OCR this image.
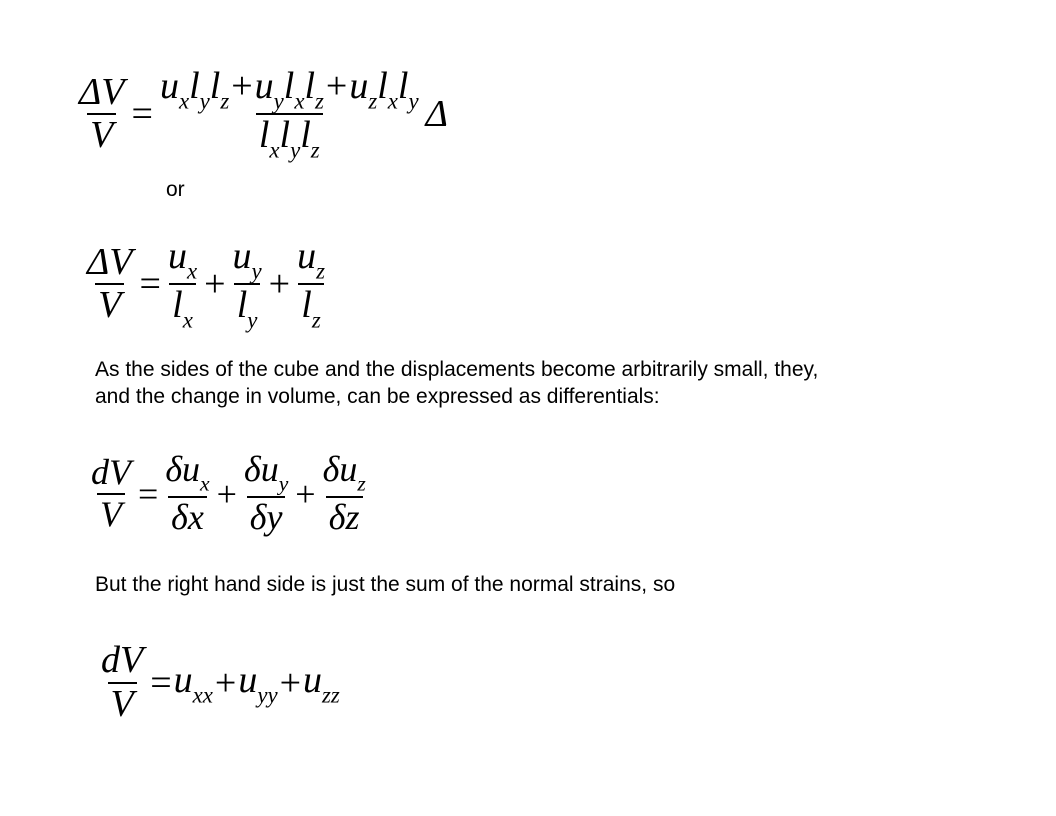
$\frac{\Delta V}{V} = \frac{u_xl_yl_z+u_yl_xl_z+u_zl_xl_y}{l_xl_yl_z}$ Δ
or
$\frac{\Delta V}{V} = \frac{u_x}{l_x} + \frac{u_y}{l_y} + \frac{u_z}{l_z}$
As the sides of the cube and the displacements become arbitrarily small, they,
and the change in volume, can be expressed as differentials:
$\frac{dV}{V} = \frac{\delta u_x}{\delta x} + \frac{\delta u_y}{\delta y} + \frac{\delta u_z}{\delta z}$
But the right hand side is just the sum of the normal strains, so
$\frac{dV}{V} = u_{xx} + u_{yy} + u_{zz}$
